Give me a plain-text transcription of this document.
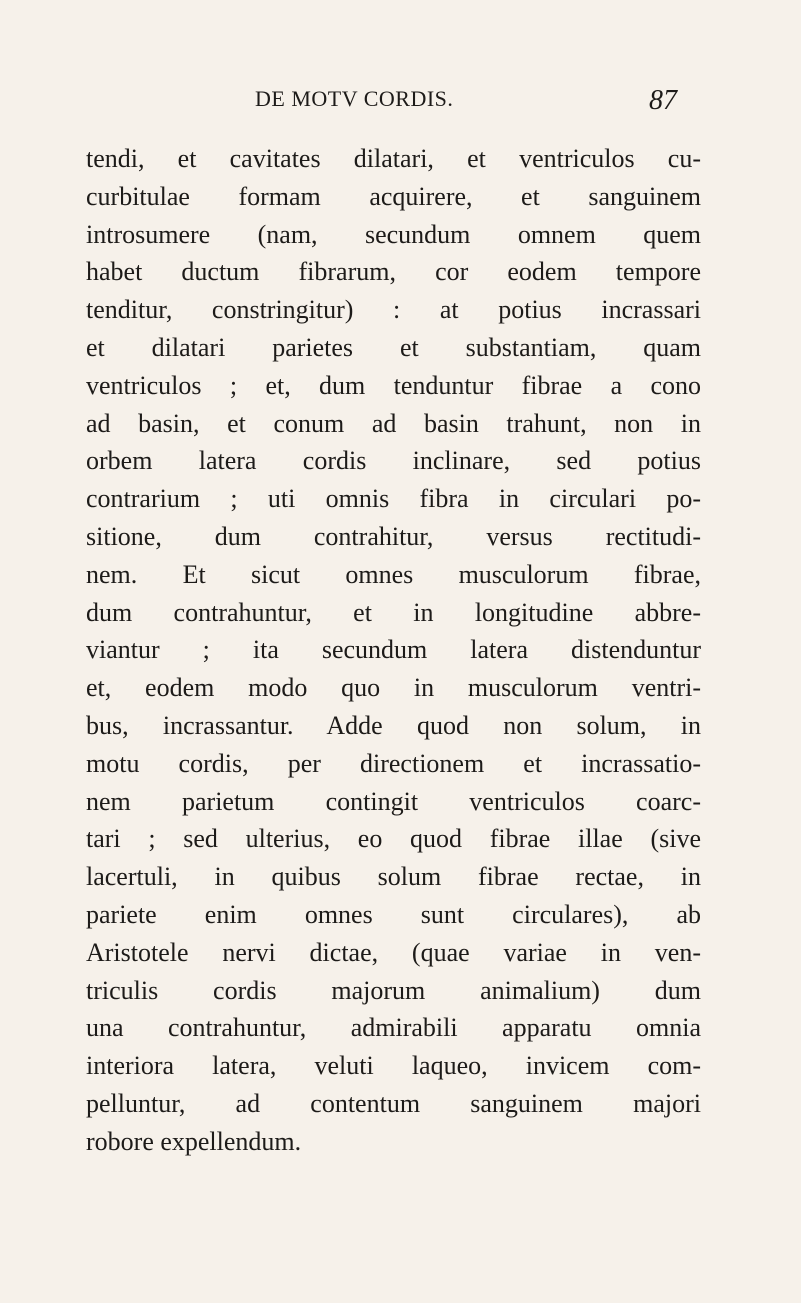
DE MOTV CORDIS.	87
tendi, et cavitates dilatari, et ventriculos cu-
curbitulae formam acquirere, et sanguinem
introsumere (nam, secundum omnem quem
habet ductum fibrarum, cor eodem tempore
tenditur, constringitur) : at potius incrassari
et dilatari parietes et substantiam, quam
ventriculos ; et, dum tenduntur fibrae a cono
ad basin, et conum ad basin trahunt, non in
orbem latera cordis inclinare, sed potius
contrarium ; uti omnis fibra in circulari po-
sitione, dum contrahitur, versus rectitudi-
nem. Et sicut omnes musculorum fibrae,
dum contrahuntur, et in longitudine abbre-
viantur ; ita secundum latera distenduntur
et, eodem modo quo in musculorum ventri-
bus, incrassantur. Adde quod non solum, in
motu cordis, per directionem et incrassatio-
nem parietum contingit ventriculos coarc-
tari ; sed ulterius, eo quod fibrae illae (sive
lacertuli, in quibus solum fibrae rectae, in
pariete enim omnes sunt circulares), ab
Aristotele nervi dictae, (quae variae in ven-
triculis cordis majorum animalium) dum
una contrahuntur, admirabili apparatu omnia
interiora latera, veluti laqueo, invicem com-
pelluntur, ad contentum sanguinem majori
robore expellendum.
